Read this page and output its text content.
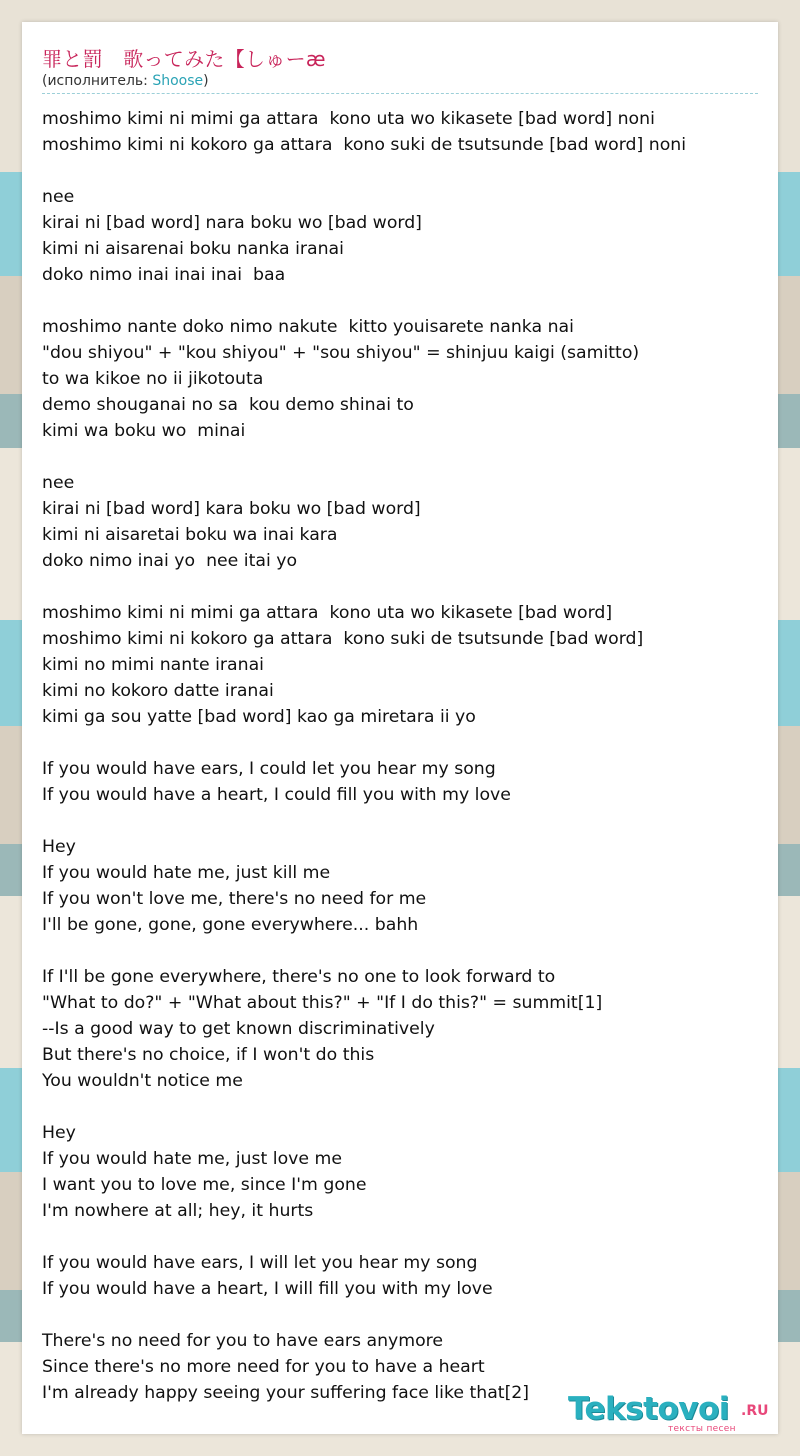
罪と罰　歌ってみた【しゅーæ
(исполнитель: Shoose)
moshimo kimi ni mimi ga attara  kono uta wo kikasete [bad word] noni
moshimo kimi ni kokoro ga attara  kono suki de tsutsunde [bad word] noni
nee
kirai ni [bad word] nara boku wo [bad word]
kimi ni aisarenai boku nanka iranai
doko nimo inai inai inai  baa
moshimo nante doko nimo nakute  kitto youisarete nanka nai
"dou shiyou" + "kou shiyou" + "sou shiyou" = shinjuu kaigi (samitto)
to wa kikoe no ii jikotouta
demo shouganai no sa  kou demo shinai to
kimi wa boku wo  minai
nee
kirai ni [bad word] kara boku wo [bad word]
kimi ni aisaretai boku wa inai kara
doko nimo inai yo  nee itai yo
moshimo kimi ni mimi ga attara  kono uta wo kikasete [bad word]
moshimo kimi ni kokoro ga attara  kono suki de tsutsunde [bad word]
kimi no mimi nante iranai
kimi no kokoro datte iranai
kimi ga sou yatte [bad word] kao ga miretara ii yo
If you would have ears, I could let you hear my song
If you would have a heart, I could fill you with my love
Hey
If you would hate me, just kill me
If you won't love me, there's no need for me
I'll be gone, gone, gone everywhere... bahh
If I'll be gone everywhere, there's no one to look forward to
"What to do?" + "What about this?" + "If I do this?" = summit[1]
--Is a good way to get known discriminatively
But there's no choice, if I won't do this
You wouldn't notice me
Hey
If you would hate me, just love me
I want you to love me, since I'm gone
I'm nowhere at all; hey, it hurts
If you would have ears, I will let you hear my song
If you would have a heart, I will fill you with my love
There's no need for you to have ears anymore
Since there's no more need for you to have a heart
I'm already happy seeing your suffering face like that[2]	Tekstovoi .RU
тексты песен
